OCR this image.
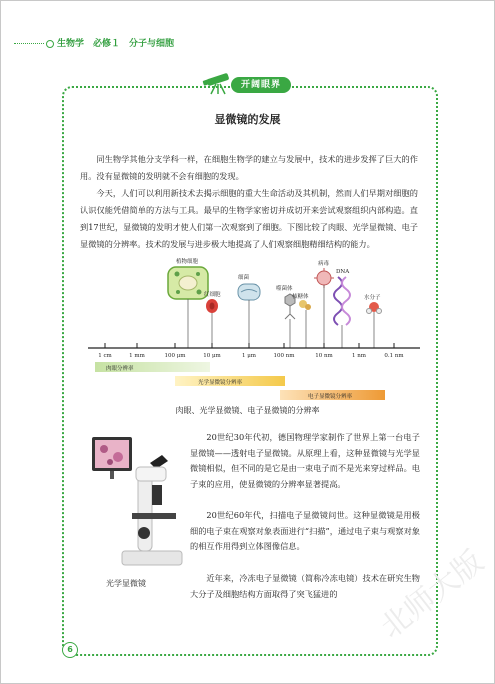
生物学　必修１　分子与细胞
开阔眼界
显微镜的发展

同生物学其他分支学科一样，在细胞生物学的建立与发展中，技术的进步发挥了巨大的作用。没有显微镜的发明就不会有细胞的发现。

今天，人们可以利用新技术去揭示细胞的重大生命活动及其机制，然而人们早期对细胞的认识仅能凭借简单的方法与工具。最早的生物学家密切并成切开来尝试观察组织内部构造。直到17世纪，显微镜的发明才使人们第一次观察到了细胞。下图比较了肉眼、光学显微镜、电子显微镜的分辨率。技术的发展与进步极大地提高了人们观察细胞精细结构的能力。

植物细胞
红细胞
细菌
噬菌体
核糖体
病毒
DNA
水分子
1 cm	1 mm	100 μm	10 μm	1 μm	100 nm	10 nm	1 nm	0.1 nm
肉眼分辨率
光学显微镜分辨率
电子显微镜分辨率
肉眼、光学显微镜、电子显微镜的分辨率
光学显微镜

20世纪30年代初，德国物理学家制作了世界上第一台电子显微镜——透射电子显微镜。从原理上看，这种显微镜与光学显微镜相似，但不同的是它是由一束电子而不是光来穿过样品。电子束的应用，使显微镜的分辨率显著提高。

20世纪60年代，扫描电子显微镜问世。这种显微镜是用极细的电子束在观察对象表面进行“扫描”，通过电子束与观察对象的相互作用得到立体图像信息。

近年来，冷冻电子显微镜（简称冷冻电镜）技术在研究生物大分子及细胞结构方面取得了突飞猛进的	北师大版
6
